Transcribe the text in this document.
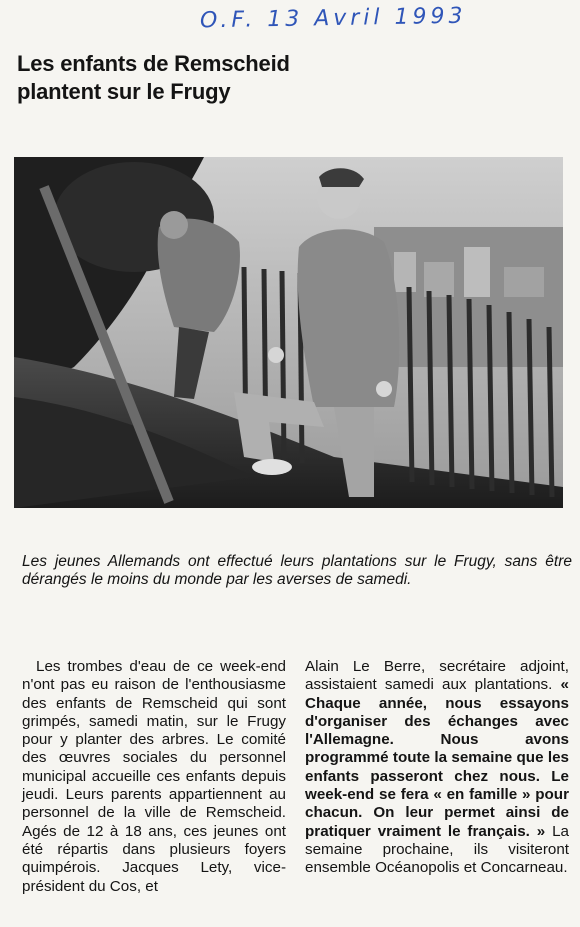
O.F. 13 Avril 1993
Les enfants de Remscheid
plantent sur le Frugy

Les jeunes Allemands ont effectué leurs plantations sur le Frugy, sans être dérangés le moins du monde par les averses de samedi.

Les trombes d'eau de ce week-end n'ont pas eu raison de l'enthousiasme des enfants de Remscheid qui sont grimpés, samedi matin, sur le Frugy pour y planter des arbres. Le comité des œuvres sociales du personnel municipal accueille ces enfants depuis jeudi. Leurs parents appartiennent au personnel de la ville de Remscheid. Agés de 12 à 18 ans, ces jeunes ont été répartis dans plusieurs foyers quimpérois. Jacques Lety, vice-président du Cos, et

Alain Le Berre, secrétaire adjoint, assistaient samedi aux plantations. « Chaque année, nous essayons d'organiser des échanges avec l'Allemagne. Nous avons programmé toute la semaine que les enfants passeront chez nous. Le week-end se fera « en famille » pour chacun. On leur permet ainsi de pratiquer vraiment le français. » La semaine prochaine, ils visiteront ensemble Océanopolis et Concarneau.
